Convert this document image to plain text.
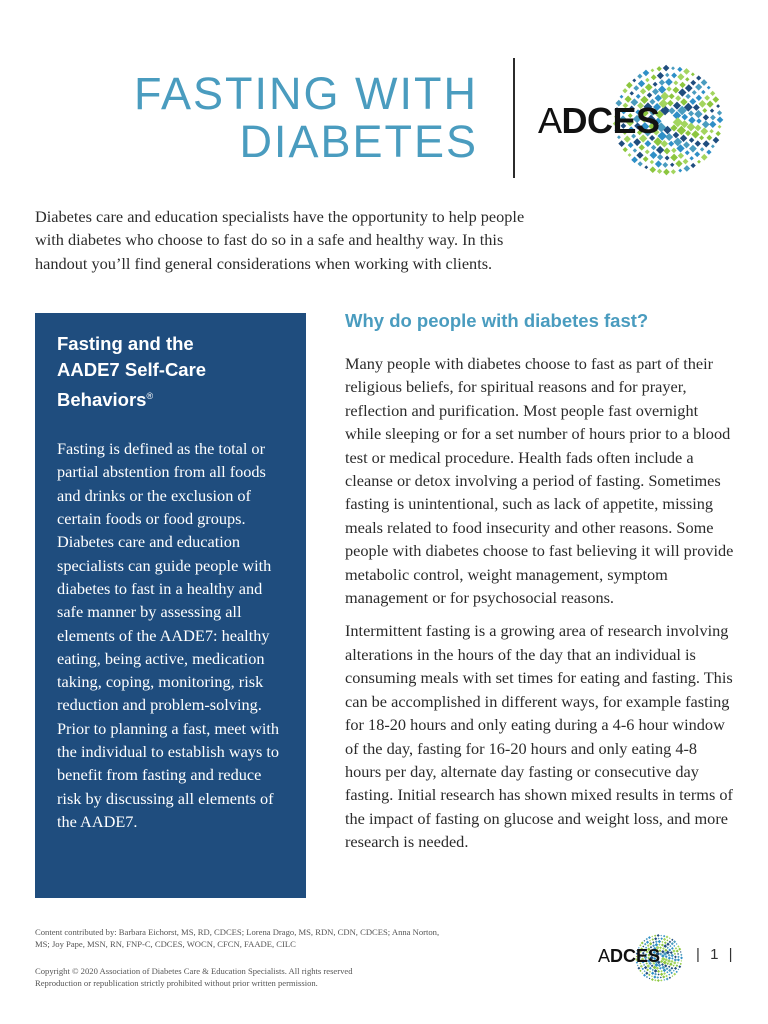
FASTING WITH
DIABETES ADCES

Diabetes care and education specialists have the opportunity to help people with diabetes who choose to fast do so in a safe and healthy way. In this handout you’ll find general considerations when working with clients.

Fasting and the
AADE7 Self-Care
Behaviors®

Fasting is defined as the total or partial abstention from all foods and drinks or the exclusion of certain foods or food groups. Diabetes care and education specialists can guide people with diabetes to fast in a healthy and safe manner by assessing all elements of the AADE7: healthy eating, being active, medication taking, coping, monitoring, risk reduction and problem-solving. Prior to planning a fast, meet with the individual to establish ways to benefit from fasting and reduce risk by discussing all elements of the AADE7.

Why do people with diabetes fast?

Many people with diabetes choose to fast as part of their religious beliefs, for spiritual reasons and for prayer, reflection and purification. Most people fast overnight while sleeping or for a set number of hours prior to a blood test or medical procedure. Health fads often include a cleanse or detox involving a period of fasting. Sometimes fasting is unintentional, such as lack of appetite, missing meals related to food insecurity and other reasons. Some people with diabetes choose to fast believing it will provide metabolic control, weight management, symptom management or for psychosocial reasons.

Intermittent fasting is a growing area of research involving alterations in the hours of the day that an individual is consuming meals with set times for eating and fasting. This can be accomplished in different ways, for example fasting for 18-20 hours and only eating during a 4-6 hour window of the day, fasting for 16-20 hours and only eating 4-8 hours per day, alternate day fasting or consecutive day fasting. Initial research has shown mixed results in terms of the impact of fasting on glucose and weight loss, and more research is needed.

Content contributed by: Barbara Eichorst, MS, RD, CDCES; Lorena Drago, MS, RDN, CDN, CDCES; Anna Norton, MS; Joy Pape, MSN, RN, FNP-C, CDCES, WOCN, CFCN, FAADE, CILC
Copyright © 2020 Association of Diabetes Care & Education Specialists. All rights reserved
Reproduction or republication strictly prohibited without prior written permission.
ADCES | 1 |
